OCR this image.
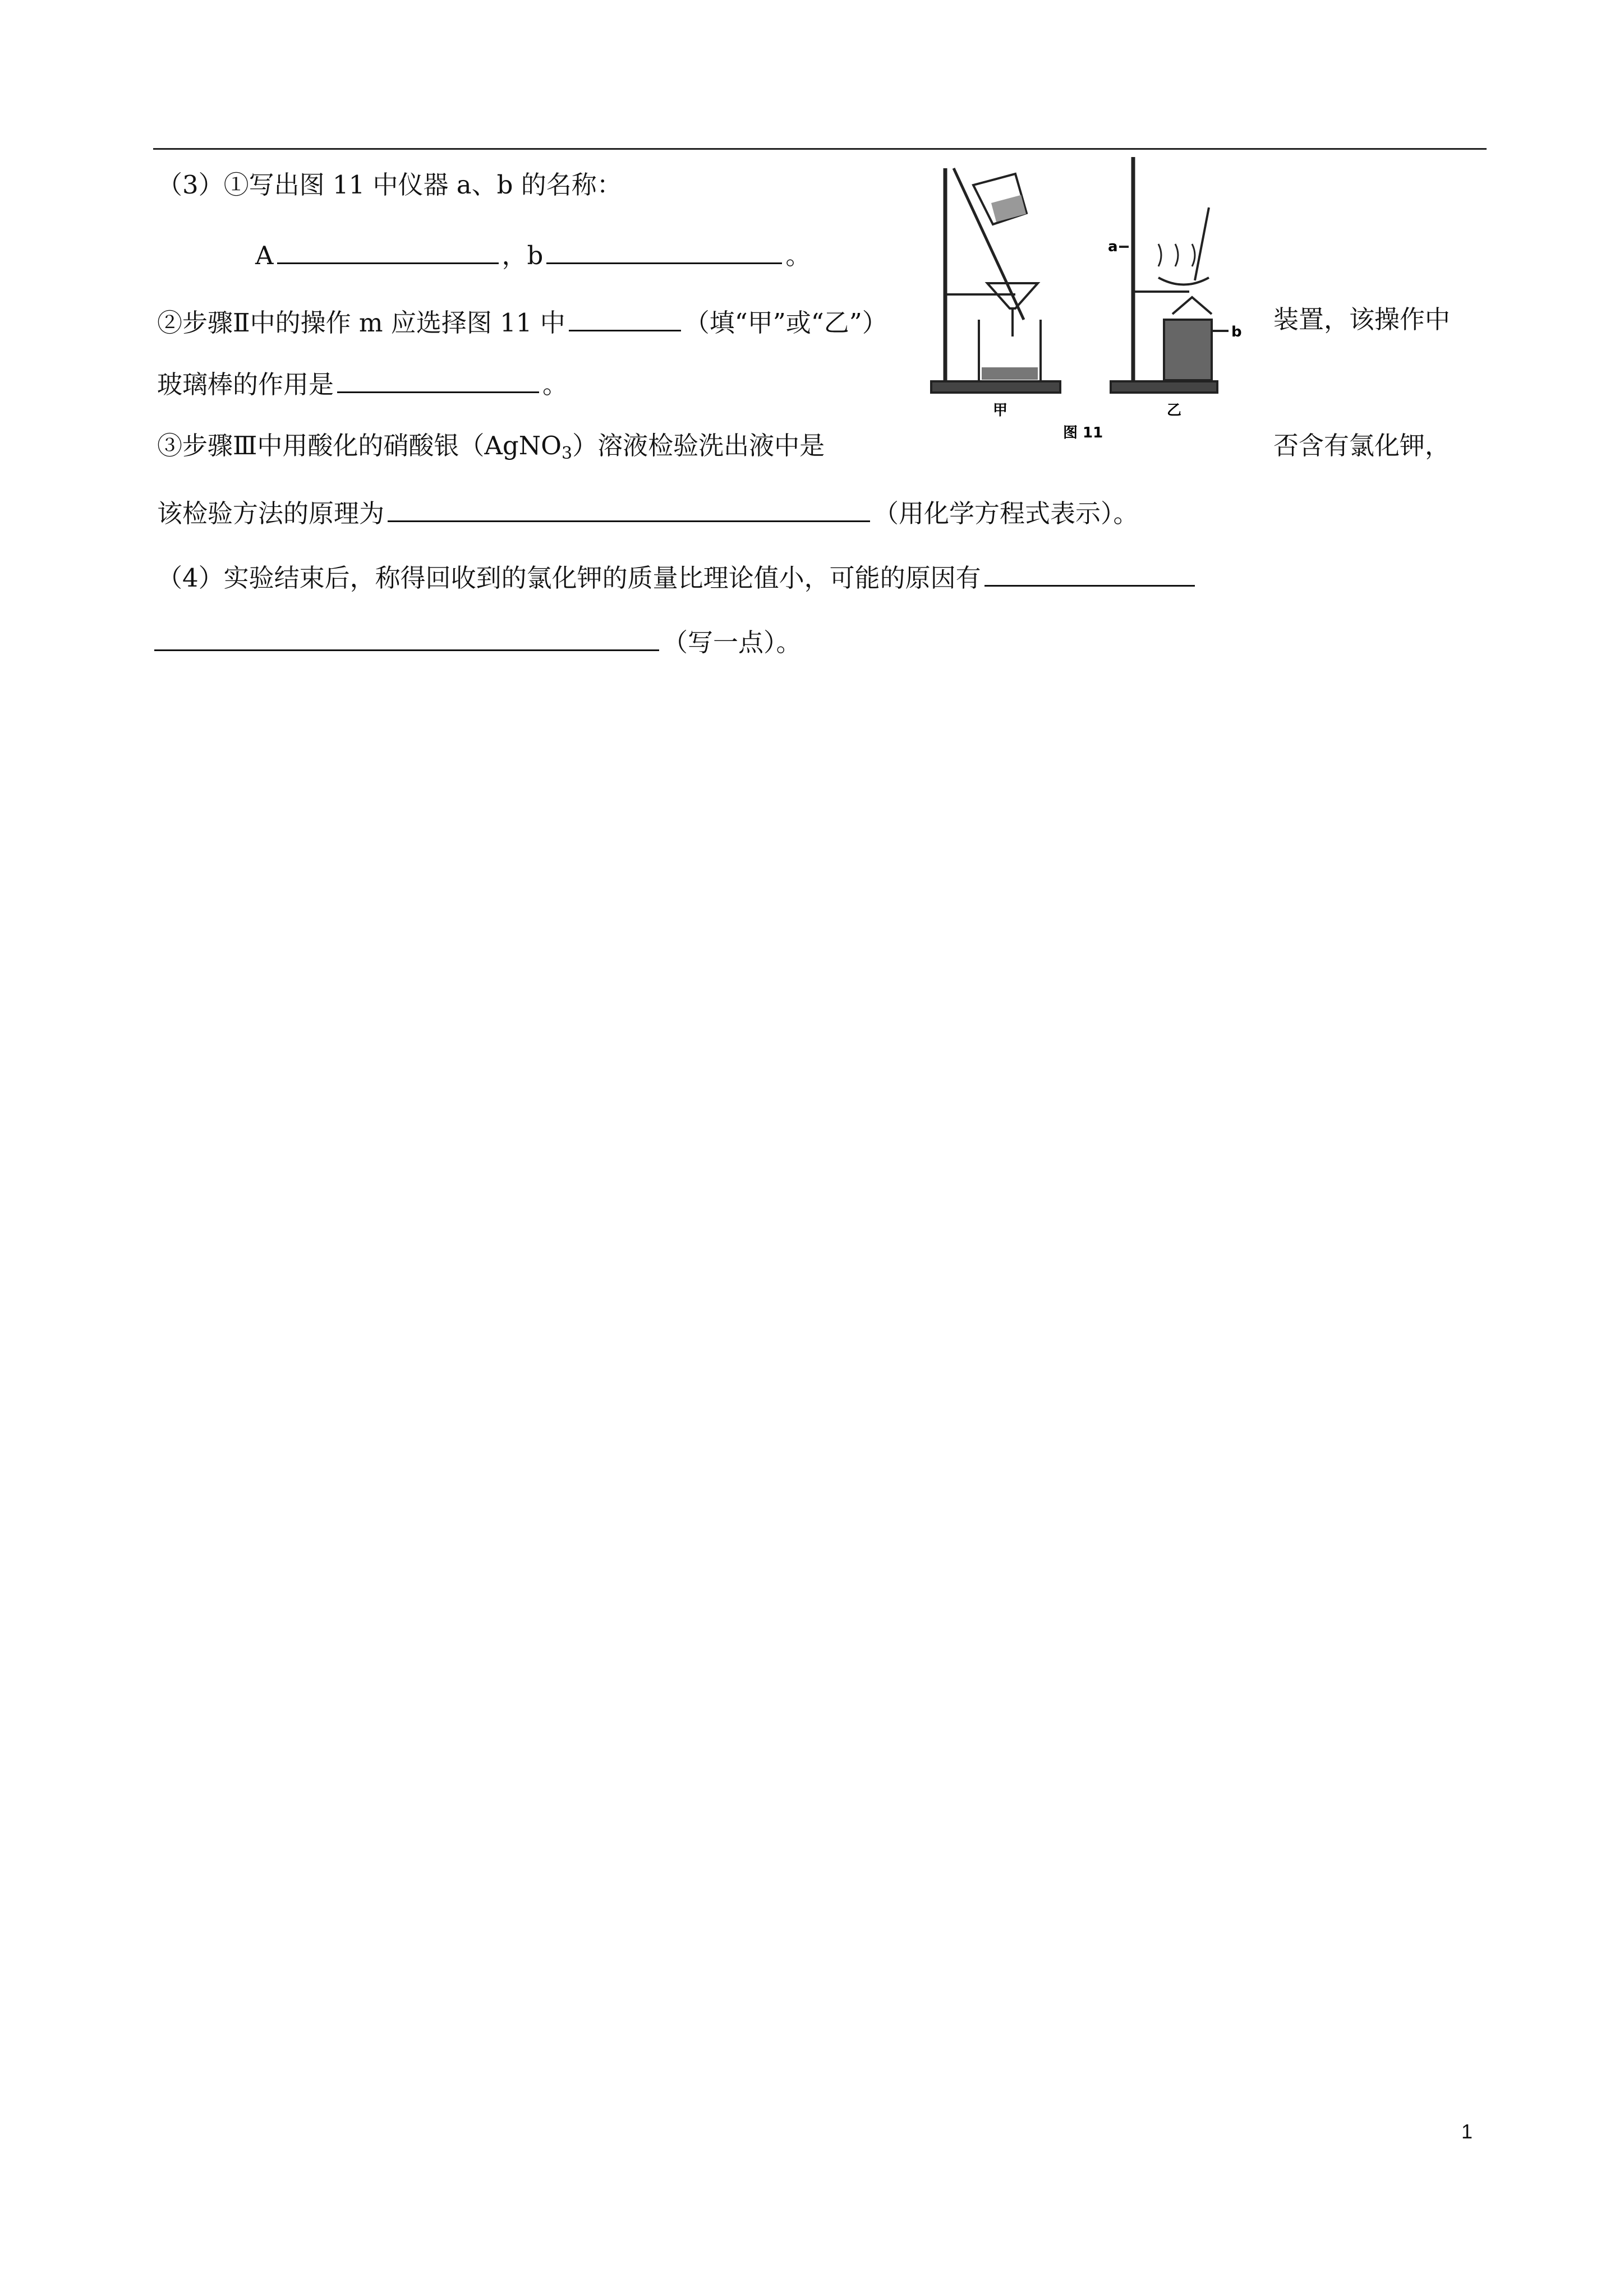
（3）①写出图 11 中仪器 a、b 的名称：
A	，b	。
②步骤Ⅱ中的操作 m 应选择图 11 中	（填“甲”或“乙”）	装置，该操作中
玻璃棒的作用是	。
③步骤Ⅲ中用酸化的硝酸银（AgNO$_3$）溶液检验洗出液中是	否含有氯化钾，
该检验方法的原理为	（用化学方程式表示）。
（4）实验结束后，称得回收到的氯化钾的质量比理论值小，可能的原因有
（写一点）。
a
b
甲	乙
图 11
1
